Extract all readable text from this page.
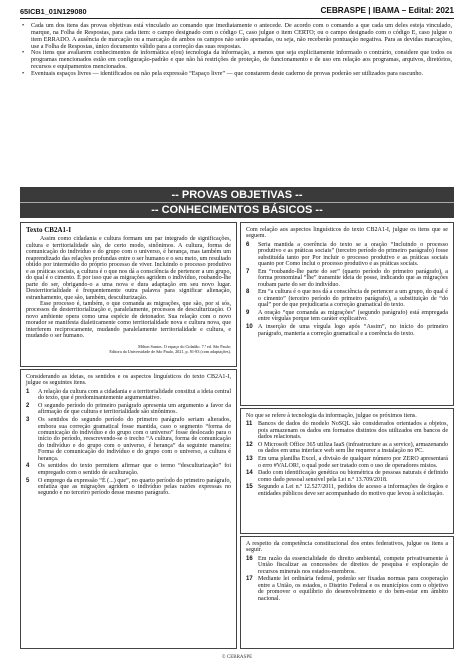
65ICB1_01N129080	CEBRASPE | IBAMA – Edital: 2021

• Cada um dos itens das provas objetivas está vinculado ao comando que imediatamente o antecede. De acordo com o comando a que cada um deles esteja vinculado, marque, na Folha de Respostas, para cada item: o campo designado com o código C, caso julgue o item CERTO; ou o campo designado com o código E, caso julgue o item ERRADO. A ausência de marcação ou a marcação de ambos os campos não serão apenadas, ou seja, não receberão pontuação negativa. Para as devidas marcações, use a Folha de Respostas, único documento válido para a correção das suas respostas.

• Nos itens que avaliarem conhecimentos de informática e(ou) tecnologia da informação, a menos que seja explicitamente informado o contrário, considere que todos os programas mencionados estão em configuração-padrão e que não há restrições de proteção, de funcionamento e de uso em relação aos programas, arquivos, diretórios, recursos e equipamentos mencionados.

• Eventuais espaços livres — identificados ou não pela expressão “Espaço livre” — que constarem deste caderno de provas poderão ser utilizados para rascunho.

-- PROVAS OBJETIVAS --
-- CONHECIMENTOS BÁSICOS --
Texto CB2A1-I

Assim como cidadania e cultura formam um par integrado de significações, cultura e territorialidade são, de certo modo, sinônimos. A cultura, forma de comunicação do indivíduo e do grupo com o universo, é herança, mas também um reaprendizado das relações profundas entre o ser humano e o seu meio, um resultado obtido por intermédio do próprio processo de viver. Incluindo o processo produtivo e as práticas sociais, a cultura é o que nos dá a consciência de pertencer a um grupo, do qual é o cimento. É por isso que as migrações agridem o indivíduo, roubando-lhe parte do ser, obrigando-o a uma nova e dura adaptação em seu novo lugar. Desterritorialidade é frequentemente outra palavra para significar alienação, estranhamento, que são, também, desculturização.

Esse processo é, também, o que comanda as migrações, que são, por si sós, processos de desterritorialização e, paralelamente, processos de desculturização. O novo ambiente opera como uma espécie de detonador. Sua relação com o novo morador se manifesta dialeticamente como territorialidade nova e cultura nova, que interferem reciprocamente, mudando paralelamente territorialidade e cultura, e mudando o ser humano.

Milton Santos. O espaço do Cidadão. 7.ª ed. São Paulo:
Editora da Universidade de São Paulo, 2021, p. 81-83 (com adaptações).

Considerando as ideias, os sentidos e os aspectos linguísticos do texto CB2A1-I, julgue os seguintes itens.

1 A relação da cultura com a cidadania e a territorialidade constitui a ideia central do texto, que é predominantemente argumentativo.

2 O segundo período do primeiro parágrafo apresenta um argumento a favor da afirmação de que cultura e territorialidade são sinônimos.

3 Os sentidos do segundo período do primeiro parágrafo seriam alterados, embora sua correção gramatical fosse mantida, caso o segmento “forma de comunicação do indivíduo e do grupo com o universo” fosse deslocado para o início do período, reescrevendo-se o trecho “A cultura, forma de comunicação do indivíduo e do grupo com o universo, é herança” da seguinte maneira: Forma de comunicação do indivíduo e do grupo com o universo, a cultura é herança.

4 Os sentidos do texto permitem afirmar que o termo “desculturização” foi empregado com o sentido de aculturação.

5 O emprego da expressão “É (...) que”, no quarto período do primeiro parágrafo, enfatiza que as migrações agridem o indivíduo pelas razões expressas no segundo e no terceiro período desse mesmo parágrafo.

Com relação aos aspectos linguísticos do texto CB2A1-I, julgue os itens que se seguem.

6 Seria mantida a coerência do texto se a oração “Incluindo o processo produtivo e as práticas sociais” (terceiro período do primeiro parágrafo) fosse substituída tanto por Por incluir o processo produtivo e as práticas sociais quanto por Como inclui o processo produtivo e as práticas sociais.

7 Em “roubando-lhe parte do ser” (quarto período do primeiro parágrafo), a forma pronominal “lhe” transmite ideia de posse, indicando que as migrações roubam parte do ser do indivíduo.

8 Em “a cultura é o que nos dá a consciência de pertencer a um grupo, do qual é o cimento” (terceiro período do primeiro parágrafo), a substituição de “do qual” por de que prejudicaria a correção gramatical do texto.

9 A oração “que comanda as migrações” (segundo parágrafo) está empregada entre vírgulas porque tem caráter explicativo.

10 A inserção de uma vírgula logo após “Assim”, no início do primeiro parágrafo, manteria a correção gramatical e a coerência do texto.

No que se refere à tecnologia da informação, julgue os próximos itens.

11 Bancos de dados do modelo NoSQL são considerados orientados a objetos, pois armazenam os dados em formatos distintos dos utilizados em bancos de dados relacionais.

12 O Microsoft Office 365 utiliza IaaS (infrastructure as a service), armazenando os dados em uma interface web sem lhe requerer a instalação no PC.

13 Em uma planilha Excel, a divisão de qualquer número por ZERO apresentará o erro #VALOR!, o qual pode ser tratado com o uso de operadores mistos.

14 Dado com identificação genética ou biométrica de pessoas naturais é definido como dado pessoal sensível pela Lei n.º 13.709/2018.

15 Segundo a Lei n.º 12.527/2011, pedidos de acesso a informações de órgãos e entidades públicos deve ser acompanhado do motivo que levou à solicitação.

A respeito da competência constitucional dos entes federativos, julgue os itens a seguir.

16 Em razão da essencialidade do direito ambiental, compete privativamente à União fiscalizar as concessões de direitos de pesquisa e exploração de recursos minerais nos estados-membros.

17 Mediante lei ordinária federal, poderão ser fixadas normas para cooperação entre a União, os estados, o Distrito Federal e os municípios com o objetivo de promover o equilíbrio do desenvolvimento e do bem-estar em âmbito nacional.

© CEBRASPE
